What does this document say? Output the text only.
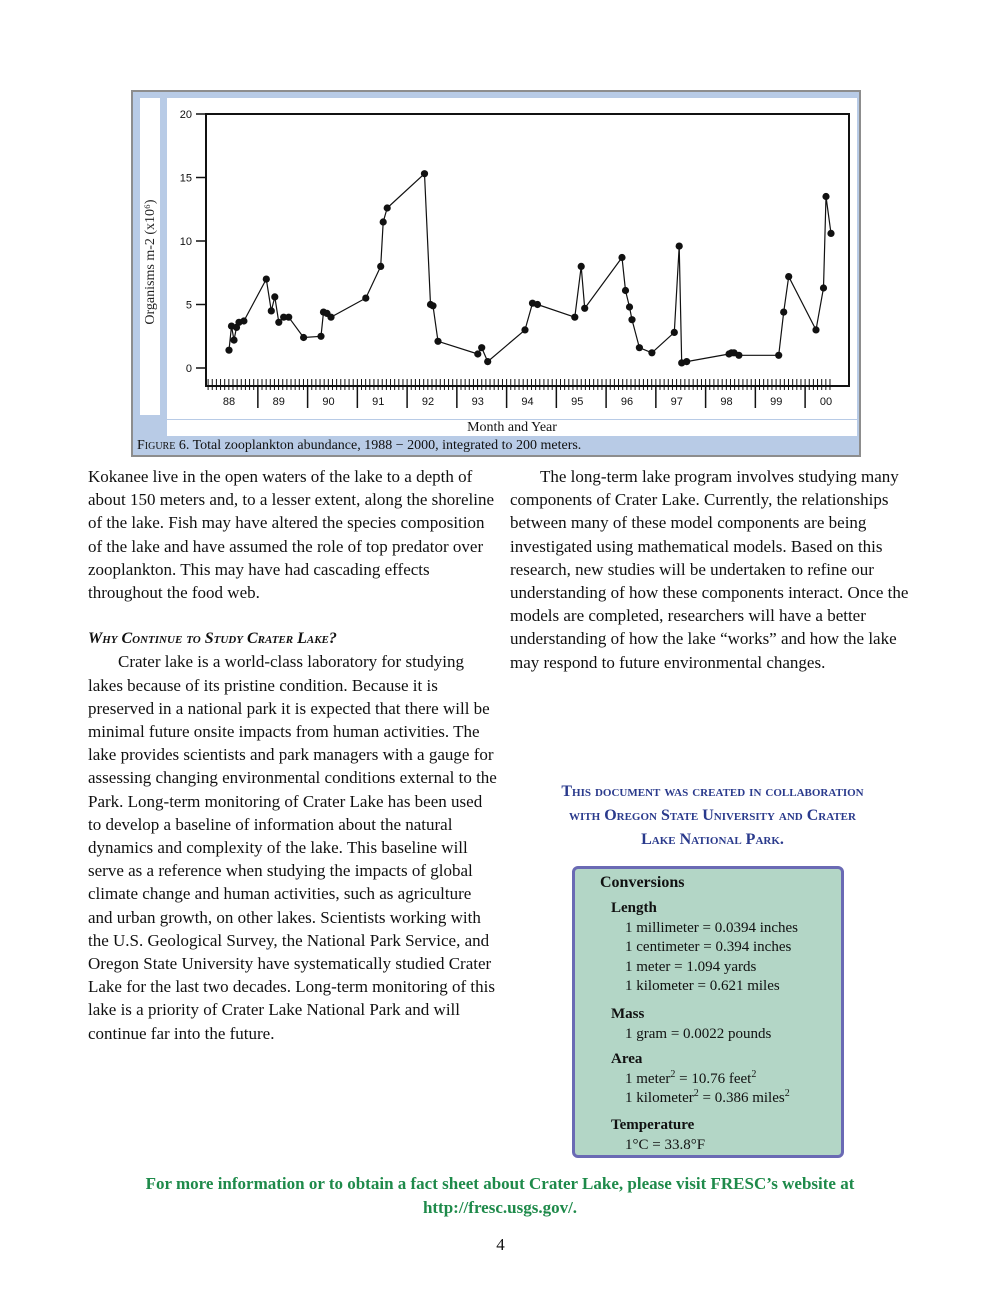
Month and Year
Organisms m-2 (x10⁶)
Figure 6. Total zooplankton abundance, 1988 − 2000, integrated to 200 meters.
0
5
10
15
20
88	89	90	91	92	93	94	95	96	97	98	99	00

Kokanee live in the open waters of the lake to a depth of about 150 meters and, to a lesser extent, along the shoreline of the lake. Fish may have altered the species composition of the lake and have assumed the role of top predator over zooplankton. This may have had cascading effects throughout the food web.

Why Continue to Study Crater Lake?

Crater lake is a world-class laboratory for studying lakes because of its pristine condition. Because it is preserved in a national park it is expected that there will be minimal future onsite impacts from human activities. The lake provides scientists and park managers with a gauge for assessing changing environmental conditions external to the Park. Long-term monitoring of Crater Lake has been used to develop a baseline of information about the natural dynamics and complexity of the lake. This baseline will serve as a reference when studying the impacts of global climate change and human activities, such as agriculture and urban growth, on other lakes. Scientists working with the U.S. Geological Survey, the National Park Service, and Oregon State University have systematically studied Crater Lake for the last two decades. Long-term monitoring of this lake is a priority of Crater Lake National Park and will continue far into the future.

The long-term lake program involves studying many components of Crater Lake. Currently, the relationships between many of these model components are being investigated using mathematical models. Based on this research, new studies will be undertaken to refine our understanding of how these components interact. Once the models are completed, researchers will have a better understanding of how the lake “works” and how the lake may respond to future environmental changes.

This document was created in collaboration
with Oregon State University and Crater
Lake National Park.
Conversions
Length
1 millimeter = 0.0394 inches
1 centimeter = 0.394 inches
1 meter = 1.094 yards
1 kilometer = 0.621 miles
Mass
1 gram = 0.0022 pounds
Area
1 meter$^2$ = 10.76 feet$^2$
1 kilometer$^2$ = 0.386 miles$^2$
Temperature
1°C = 33.8°F
For more information or to obtain a fact sheet about Crater Lake, please visit FRESC’s website at
http://fresc.usgs.gov/.
4
